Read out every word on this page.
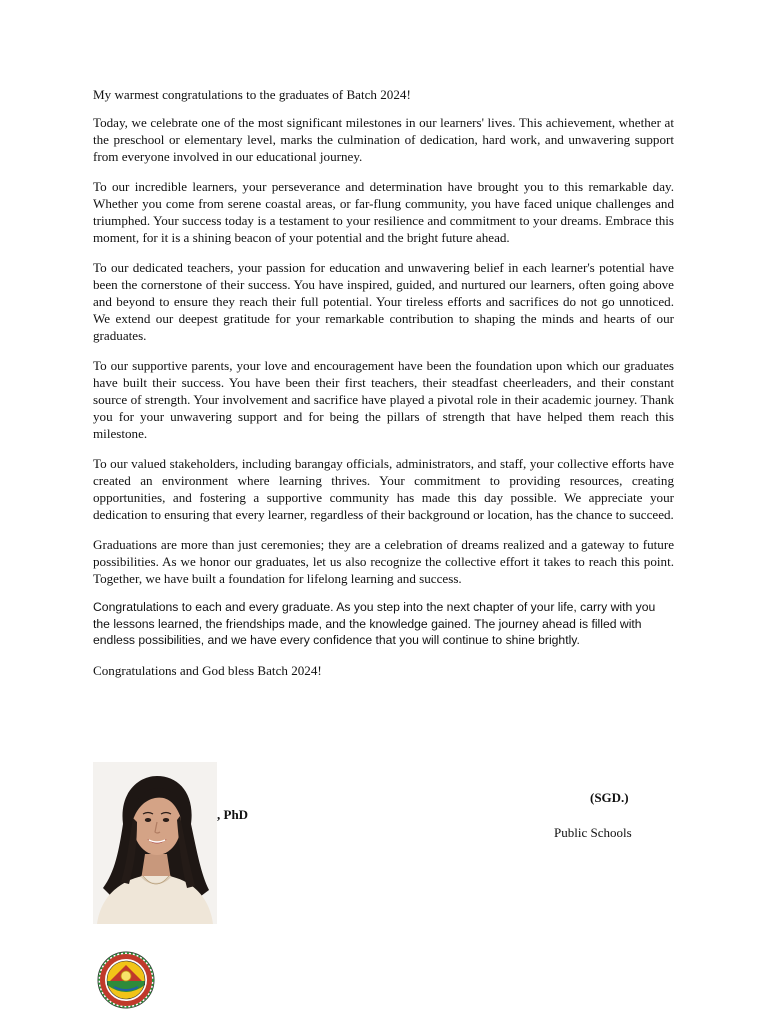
My warmest congratulations to the graduates of Batch 2024!

Today, we celebrate one of the most significant milestones in our learners' lives. This achievement, whether at the preschool or elementary level, marks the culmination of dedication, hard work, and unwavering support from everyone involved in our educational journey.

To our incredible learners, your perseverance and determination have brought you to this remarkable day. Whether you come from serene coastal areas, or far-flung community, you have faced unique challenges and triumphed. Your success today is a testament to your resilience and commitment to your dreams. Embrace this moment, for it is a shining beacon of your potential and the bright future ahead.

To our dedicated teachers, your passion for education and unwavering belief in each learner's potential have been the cornerstone of their success. You have inspired, guided, and nurtured our learners, often going above and beyond to ensure they reach their full potential. Your tireless efforts and sacrifices do not go unnoticed. We extend our deepest gratitude for your remarkable contribution to shaping the minds and hearts of our graduates.

To our supportive parents, your love and encouragement have been the foundation upon which our graduates have built their success. You have been their first teachers, their steadfast cheerleaders, and their constant source of strength. Your involvement and sacrifice have played a pivotal role in their academic journey. Thank you for your unwavering support and for being the pillars of strength that have helped them reach this milestone.

To our valued stakeholders, including barangay officials, administrators, and staff, your collective efforts have created an environment where learning thrives. Your commitment to providing resources, creating opportunities, and fostering a supportive community has made this day possible. We appreciate your dedication to ensuring that every learner, regardless of their background or location, has the chance to succeed.

Graduations are more than just ceremonies; they are a celebration of dreams realized and a gateway to future possibilities. As we honor our graduates, let us also recognize the collective effort it takes to reach this point. Together, we have built a foundation for lifelong learning and success.

Congratulations to each and every graduate. As you step into the next chapter of your life, carry with you the lessons learned, the friendships made, and the knowledge gained. The journey ahead is filled with endless possibilities, and we have every confidence that you will continue to shine brightly.

Congratulations and God bless Batch 2024!

, PhD
(SGD.)
Public Schools
